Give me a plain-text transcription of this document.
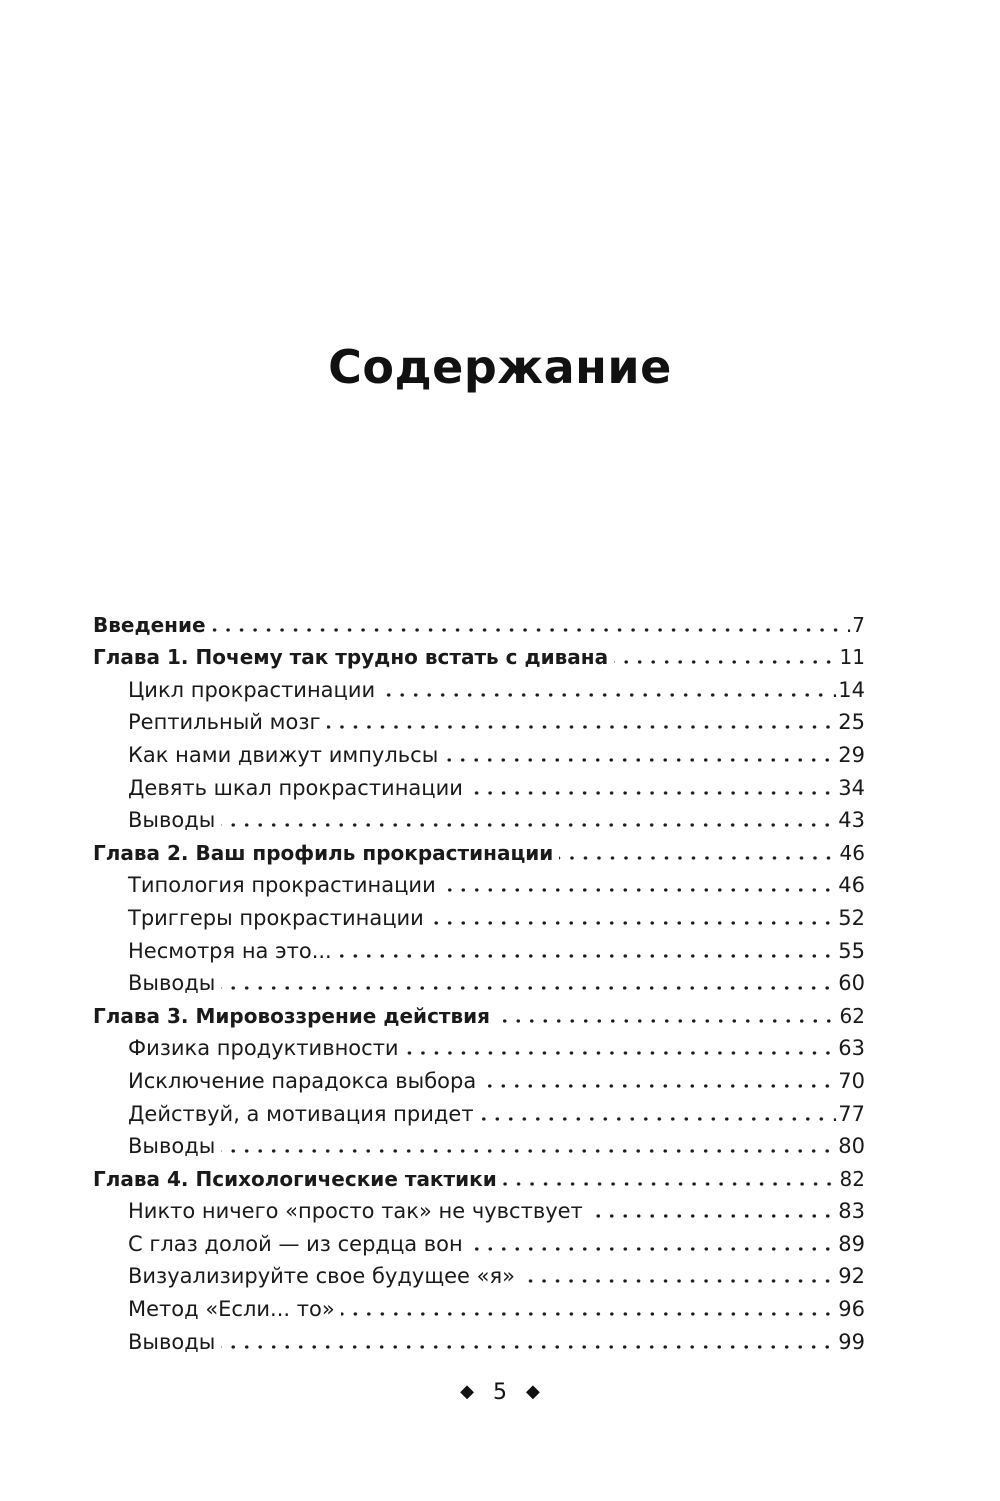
Содержание
Введение	.7
Глава 1. Почему так трудно встать с дивана	11
Цикл прокрастинации	.14
Рептильный мозг	25
Как нами движут импульсы	29
Девять шкал прокрастинации	34
Выводы	43
Глава 2. Ваш профиль прокрастинации	46
Типология прокрастинации	46
Триггеры прокрастинации	52
Несмотря на это...	55
Выводы	60
Глава 3. Мировоззрение действия	62
Физика продуктивности	63
Исключение парадокса выбора	70
Действуй, а мотивация придет	.77
Выводы	80
Глава 4. Психологические тактики	82
Никто ничего «просто так» не чувствует	83
С глаз долой — из сердца вон	89
Визуализируйте свое будущее «я»	92
Метод «Если... то»	96
Выводы	99
◆ 5 ◆
